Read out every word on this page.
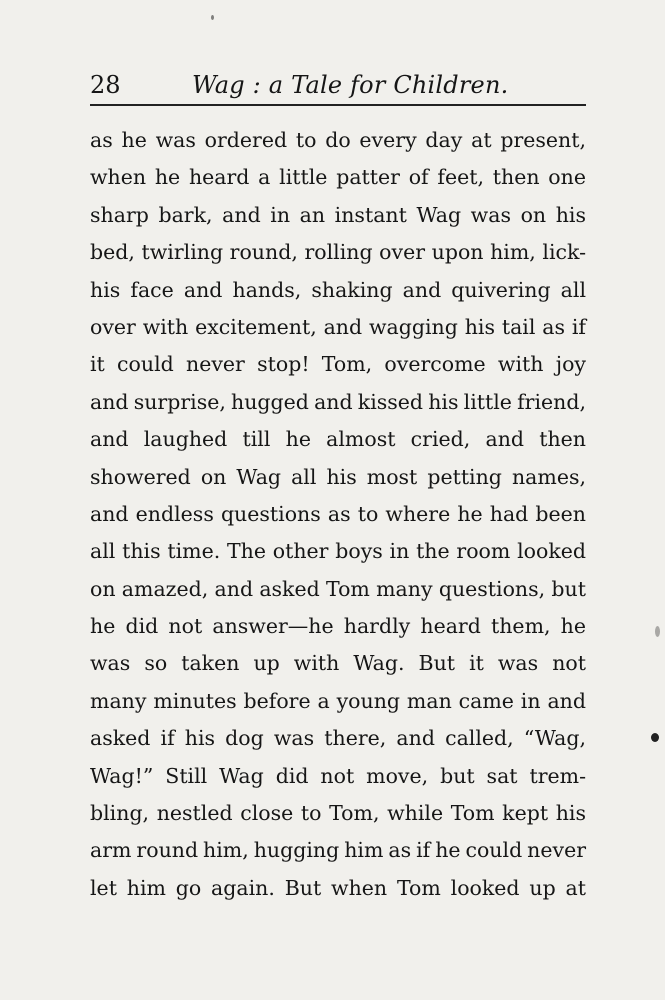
28	Wag : a Tale for Children.
as he was ordered to do every day at present,
when he heard a little patter of feet, then one
sharp bark, and in an instant Wag was on his
bed, twirling round, rolling over upon him, lick-
his face and hands, shaking and quivering all
over with excitement, and wagging his tail as if
it could never stop! Tom, overcome with joy
and surprise, hugged and kissed his little friend,
and laughed till he almost cried, and then
showered on Wag all his most petting names,
and endless questions as to where he had been
all this time. The other boys in the room looked
on amazed, and asked Tom many questions, but
he did not answer—he hardly heard them, he
was so taken up with Wag. But it was not
many minutes before a young man came in and
asked if his dog was there, and called, “Wag,
Wag!” Still Wag did not move, but sat trem-
bling, nestled close to Tom, while Tom kept his
arm round him, hugging him as if he could never
let him go again. But when Tom looked up at
